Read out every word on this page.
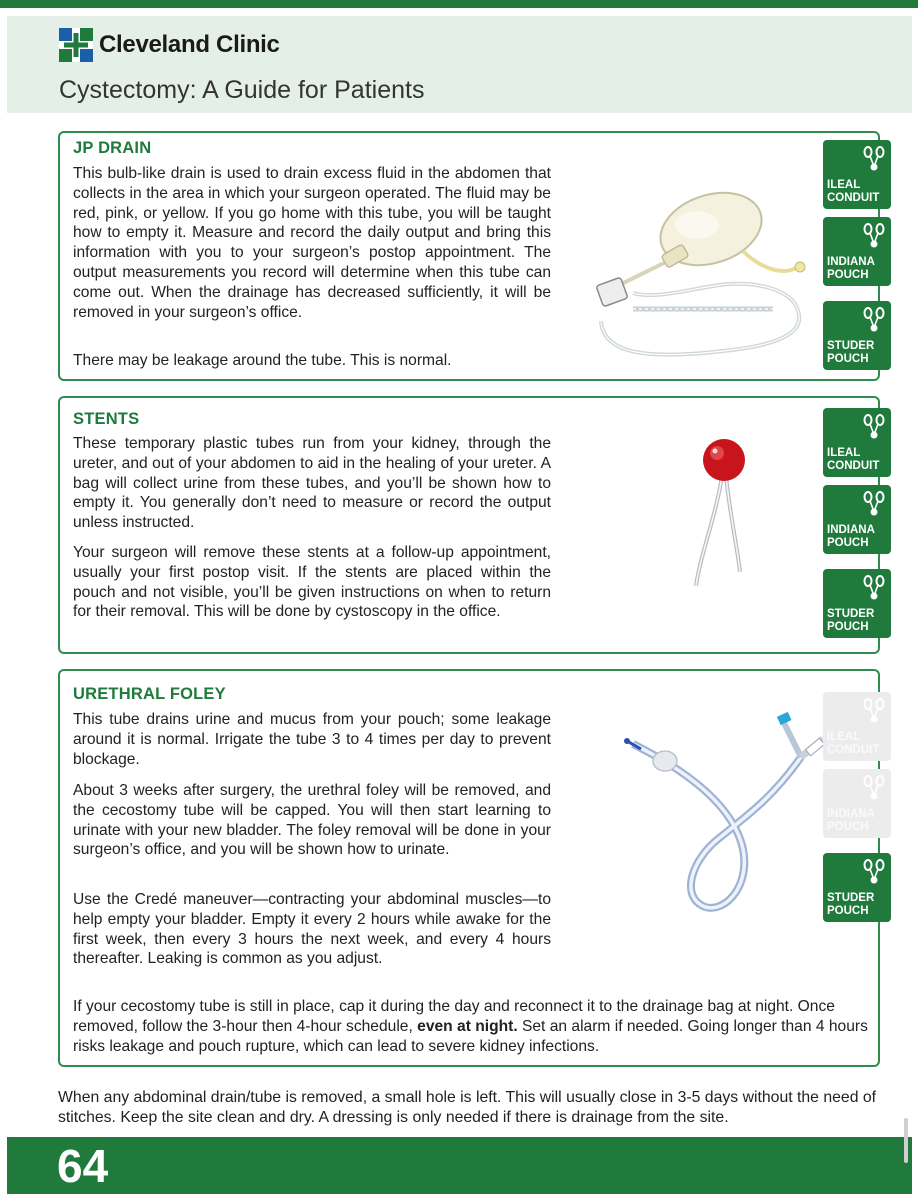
Cleveland Clinic
Cystectomy: A Guide for Patients
JP DRAIN

This bulb-like drain is used to drain excess fluid in the abdomen that collects in the area in which your surgeon operated. The fluid may be red, pink, or yellow. If you go home with this tube, you will be taught how to empty it. Measure and record the daily output and bring this information with you to your surgeon’s postop appointment. The output measurements you record will determine when this tube can come out. When the drainage has decreased sufficiently, it will be removed in your surgeon’s office.

There may be leakage around the tube. This is normal.

STENTS

These temporary plastic tubes run from your kidney, through the ureter, and out of your abdomen to aid in the healing of your ureter. A bag will collect urine from these tubes, and you’ll be shown how to empty it. You generally don’t need to measure or record the output unless instructed.

Your surgeon will remove these stents at a follow-up appointment, usually your first postop visit. If the stents are placed within the pouch and not visible, you’ll be given instructions on when to return for their removal. This will be done by cystoscopy in the office.

URETHRAL FOLEY

This tube drains urine and mucus from your pouch; some leakage around it is normal. Irrigate the tube 3 to 4 times per day to prevent blockage.

About 3 weeks after surgery, the urethral foley will be removed, and the cecostomy tube will be capped. You will then start learning to urinate with your new bladder. The foley removal will be done in your surgeon’s office, and you will be shown how to urinate.

Use the Credé maneuver—contracting your abdominal muscles—to help empty your bladder. Empty it every 2 hours while awake for the first week, then every 3 hours the next week, and every 4 hours thereafter. Leaking is common as you adjust.

If your cecostomy tube is still in place, cap it during the day and reconnect it to the drainage bag at night. Once removed, follow the 3-hour then 4-hour schedule, even at night. Set an alarm if needed. Going longer than 4 hours risks leakage and pouch rupture, which can lead to severe kidney infections.

ILEAL
CONDUIT
INDIANA
POUCH
STUDER
POUCH
ILEAL
CONDUIT
INDIANA
POUCH
STUDER
POUCH
ILEAL
CONDUIT
INDIANA
POUCH
STUDER
POUCH

When any abdominal drain/tube is removed, a small hole is left. This will usually close in 3-5 days without the need of stitches. Keep the site clean and dry. A dressing is only needed if there is drainage from the site.

64
